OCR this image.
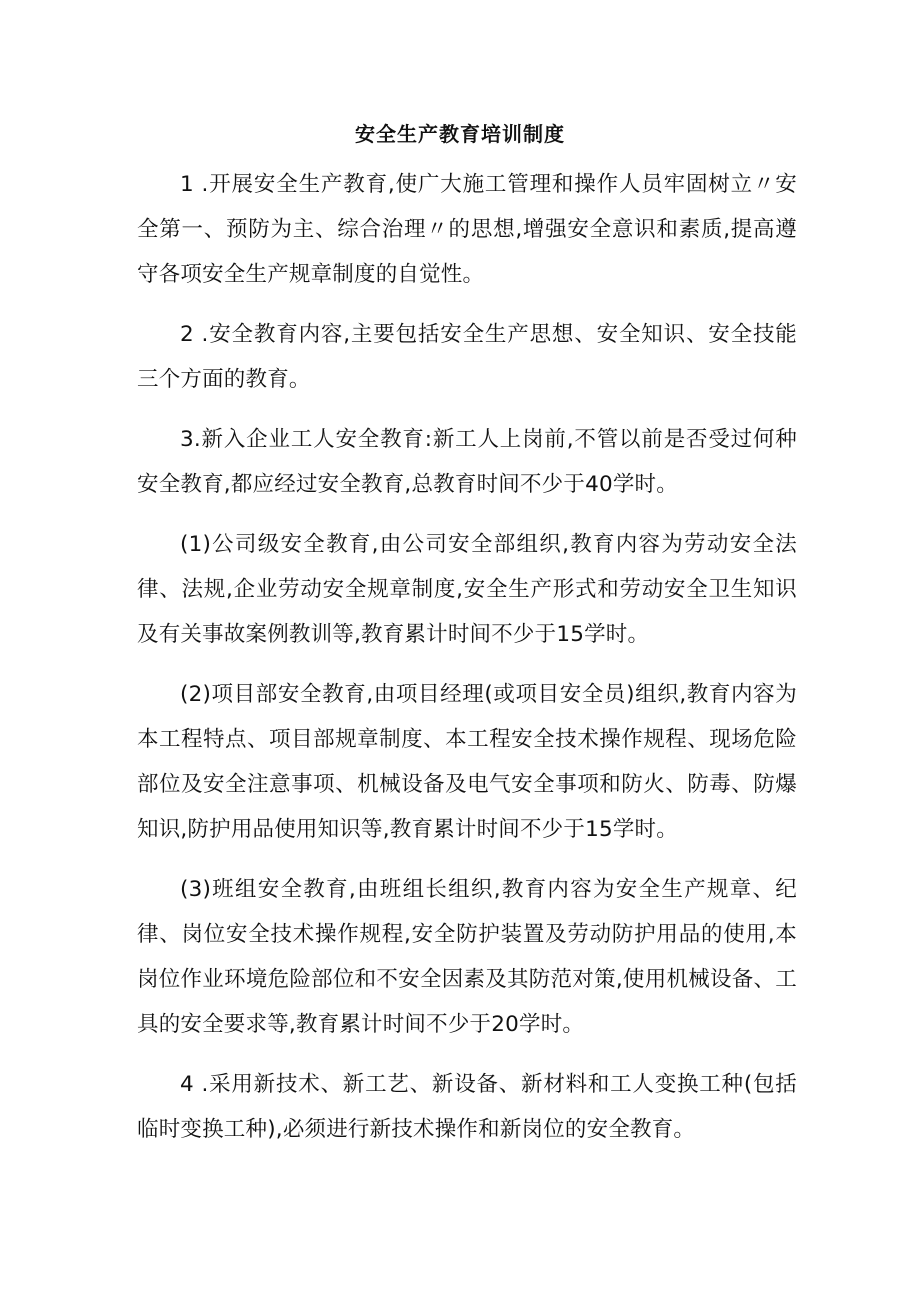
安全生产教育培训制度

1 .开展安全生产教育,使广大施工管理和操作人员牢固树立〃安全第一、预防为主、综合治理〃的思想,增强安全意识和素质,提高遵守各项安全生产规章制度的自觉性。

2 .安全教育内容,主要包括安全生产思想、安全知识、安全技能三个方面的教育。

3.新入企业工人安全教育:新工人上岗前,不管以前是否受过何种安全教育,都应经过安全教育,总教育时间不少于40学时。

(1)公司级安全教育,由公司安全部组织,教育内容为劳动安全法律、法规,企业劳动安全规章制度,安全生产形式和劳动安全卫生知识及有关事故案例教训等,教育累计时间不少于15学时。

(2)项目部安全教育,由项目经理(或项目安全员)组织,教育内容为本工程特点、项目部规章制度、本工程安全技术操作规程、现场危险部位及安全注意事项、机械设备及电气安全事项和防火、防毒、防爆知识,防护用品使用知识等,教育累计时间不少于15学时。

(3)班组安全教育,由班组长组织,教育内容为安全生产规章、纪律、岗位安全技术操作规程,安全防护装置及劳动防护用品的使用,本岗位作业环境危险部位和不安全因素及其防范对策,使用机械设备、工具的安全要求等,教育累计时间不少于20学时。

4 .采用新技术、新工艺、新设备、新材料和工人变换工种(包括临时变换工种),必须进行新技术操作和新岗位的安全教育。
